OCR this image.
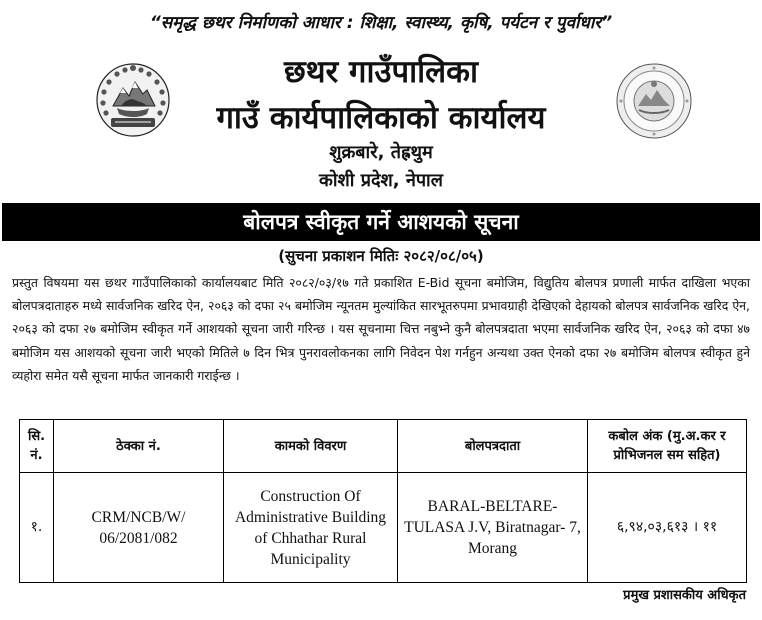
“समृद्ध छथर निर्माणको आधार : शिक्षा, स्वास्थ्य, कृषि, पर्यटन र पुर्वाधार”
छथर गाउँपालिका
गाउँ कार्यपालिकाको कार्यालय
शुक्रबारे, तेह्रथुम
कोशी प्रदेश, नेपाल
बोलपत्र स्वीकृत गर्ने आशयको सूचना
(सुचना प्रकाशन मितिः २०८२/०८/०५)
प्रस्तुत विषयमा यस छथर गाउँपालिकाको कार्यालयबाट मिति २०८२/०३/१७ गते प्रकाशित E-Bid सूचना बमोजिम, विद्युतिय बोलपत्र प्रणाली मार्फत दाखिला भएका बोलपत्रदाताहरु मध्ये सार्वजनिक खरिद ऐन, २०६३ को दफा २५ बमोजिम न्यूनतम मुल्यांकित सारभूतरुपमा प्रभावग्राही देखिएको देहायको बोलपत्र सार्वजनिक खरिद ऐन, २०६३ को दफा २७ बमोजिम स्वीकृत गर्ने आशयको सूचना जारी गरिन्छ । यस सूचनामा चित्त नबुभ्ने कुनै बोलपत्रदाता भएमा सार्वजनिक खरिद ऐन, २०६३ को दफा ४७ बमोजिम यस आशयको सूचना जारी भएको मितिले ७ दिन भित्र पुनरावलोकनका लागि निवेदन पेश गर्नहुन अन्यथा उक्त ऐनको दफा २७ बमोजिम बोलपत्र स्वीकृत हुने व्यहोरा समेत यसै सूचना मार्फत जानकारी गराईन्छ ।
सि. नं.	ठेक्का नं.	कामको विवरण	बोलपत्रदाता	कबोल अंक (मु.अ.कर र प्रोभिजनल सम सहित)
१.	CRM/NCB/W/ 06/2081/082	Construction Of Administrative Building of Chhathar Rural Municipality	BARAL-BELTARE-TULASA J.V, Biratnagar- 7, Morang	६,९४,०३,६१३ । ११
प्रमुख प्रशासकीय अधिकृत
